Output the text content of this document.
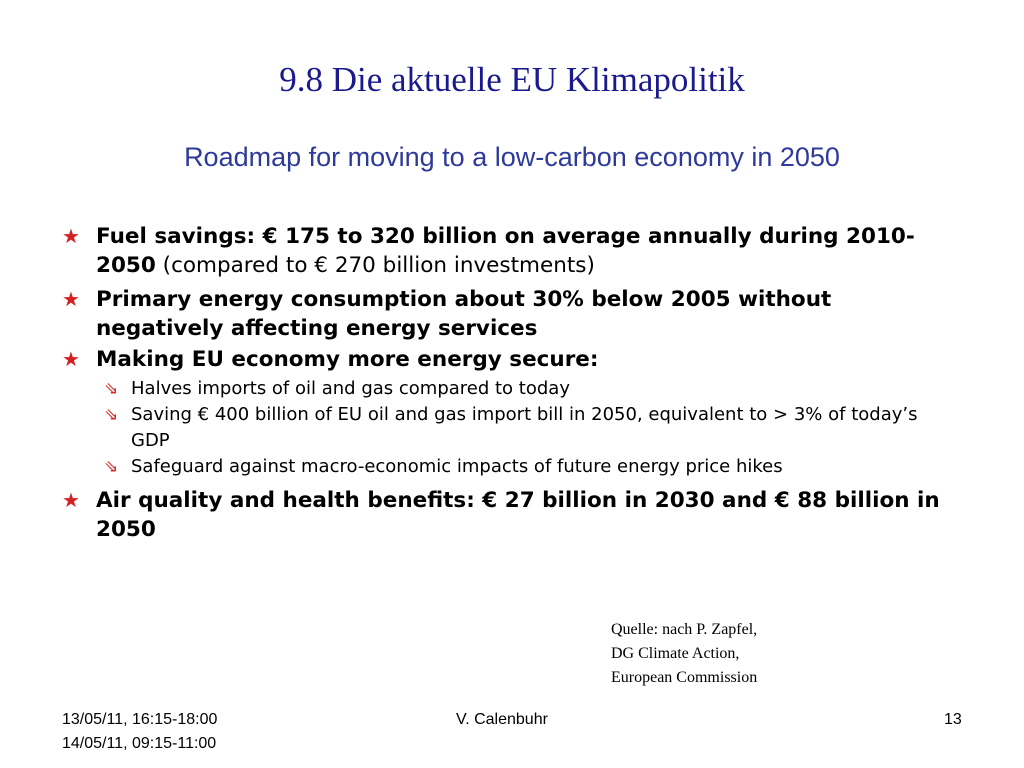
9.8 Die aktuelle EU Klimapolitik
Roadmap for moving to a low-carbon economy in 2050
★ Fuel savings: € 175 to 320 billion on average annually during 2010-2050 (compared to € 270 billion investments)
★ Primary energy consumption about 30% below 2005 without negatively affecting energy services
★ Making EU economy more energy secure:
⇘ Halves imports of oil and gas compared to today
⇘ Saving € 400 billion of EU oil and gas import bill in 2050, equivalent to > 3% of today’s GDP
⇘ Safeguard against macro-economic impacts of future energy price hikes
★ Air quality and health benefits: € 27 billion in 2030 and € 88 billion in 2050
Quelle: nach P. Zapfel,
DG Climate Action,
European Commission
13/05/11, 16:15-18:00
14/05/11, 09:15-11:00
V. Calenbuhr	13
